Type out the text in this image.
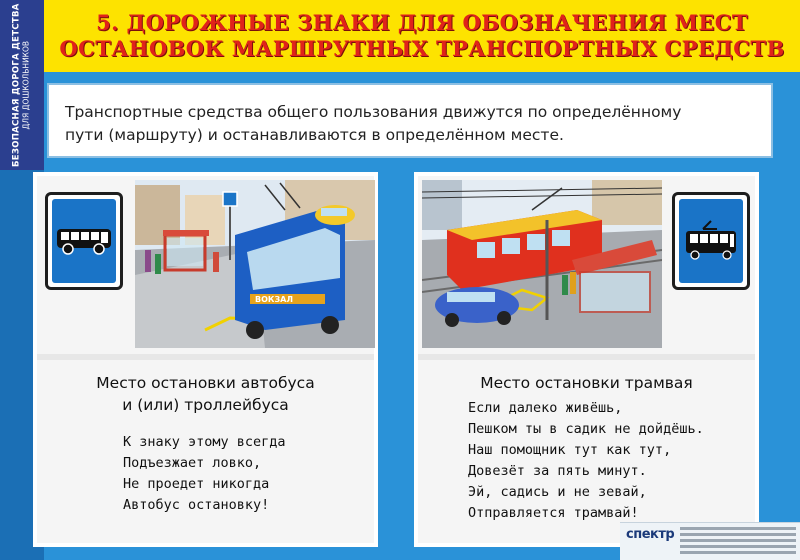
БЕЗОПАСНАЯ ДОРОГА ДЕТСТВА ДЛЯ ДОШКОЛЬНИКОВ
5. ДОРОЖНЫЕ ЗНАКИ ДЛЯ ОБОЗНАЧЕНИЯ МЕСТ
ОСТАНОВОК МАРШРУТНЫХ ТРАНСПОРТНЫХ СРЕДСТВ
Транспортные средства общего пользования движутся по определённому
пути (маршруту) и останавливаются в определённом месте.
ВОКЗАЛ
Место остановки автобуса
и (или) троллейбуса
К знаку этому всегда
Подъезжает ловко,
Не проедет никогда
Автобус остановку!
Место остановки трамвая
Если далеко живёшь,
Пешком ты в садик не дойдёшь.
Наш помощник тут как тут,
Довезёт за пять минут.
Эй, садись и не зевай,
Отправляется трамвай!
спектр
